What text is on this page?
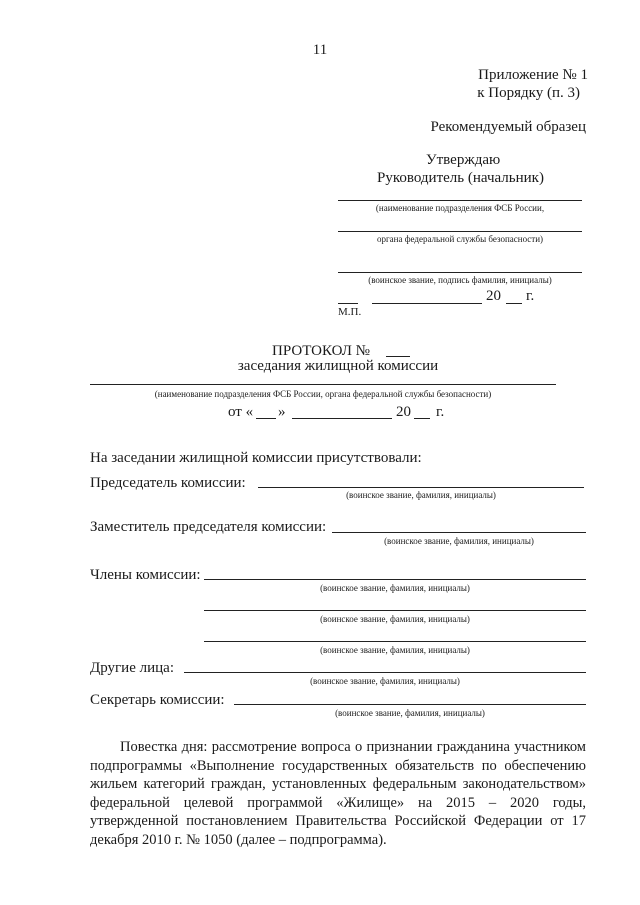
11
Приложение № 1
к Порядку (п. 3)
Рекомендуемый образец
Утверждаю
Руководитель (начальник)
(наименование подразделения ФСБ России,
органа федеральной службы безопасности)
(воинское звание, подпись фамилия, инициалы)
20 г.
М.П.
ПРОТОКОЛ №
заседания жилищной комиссии
(наименование подразделения ФСБ России, органа федеральной службы безопасности)
от « »	20 г.
На заседании жилищной комиссии присутствовали:
Председатель комиссии:
(воинское звание, фамилия, инициалы)
Заместитель председателя комиссии:
(воинское звание, фамилия, инициалы)
Члены комиссии:
(воинское звание, фамилия, инициалы)
(воинское звание, фамилия, инициалы)
(воинское звание, фамилия, инициалы)
Другие лица:
(воинское звание, фамилия, инициалы)
Секретарь комиссии:
(воинское звание, фамилия, инициалы)
Повестка дня: рассмотрение вопроса о признании гражданина участником подпрограммы «Выполнение государственных обязательств по обеспечению жильем категорий граждан, установленных федеральным законодательством» федеральной целевой программой «Жилище» на 2015 – 2020 годы, утвержденной постановлением Правительства Российской Федерации от 17 декабря 2010 г. № 1050 (далее – подпрограмма).
